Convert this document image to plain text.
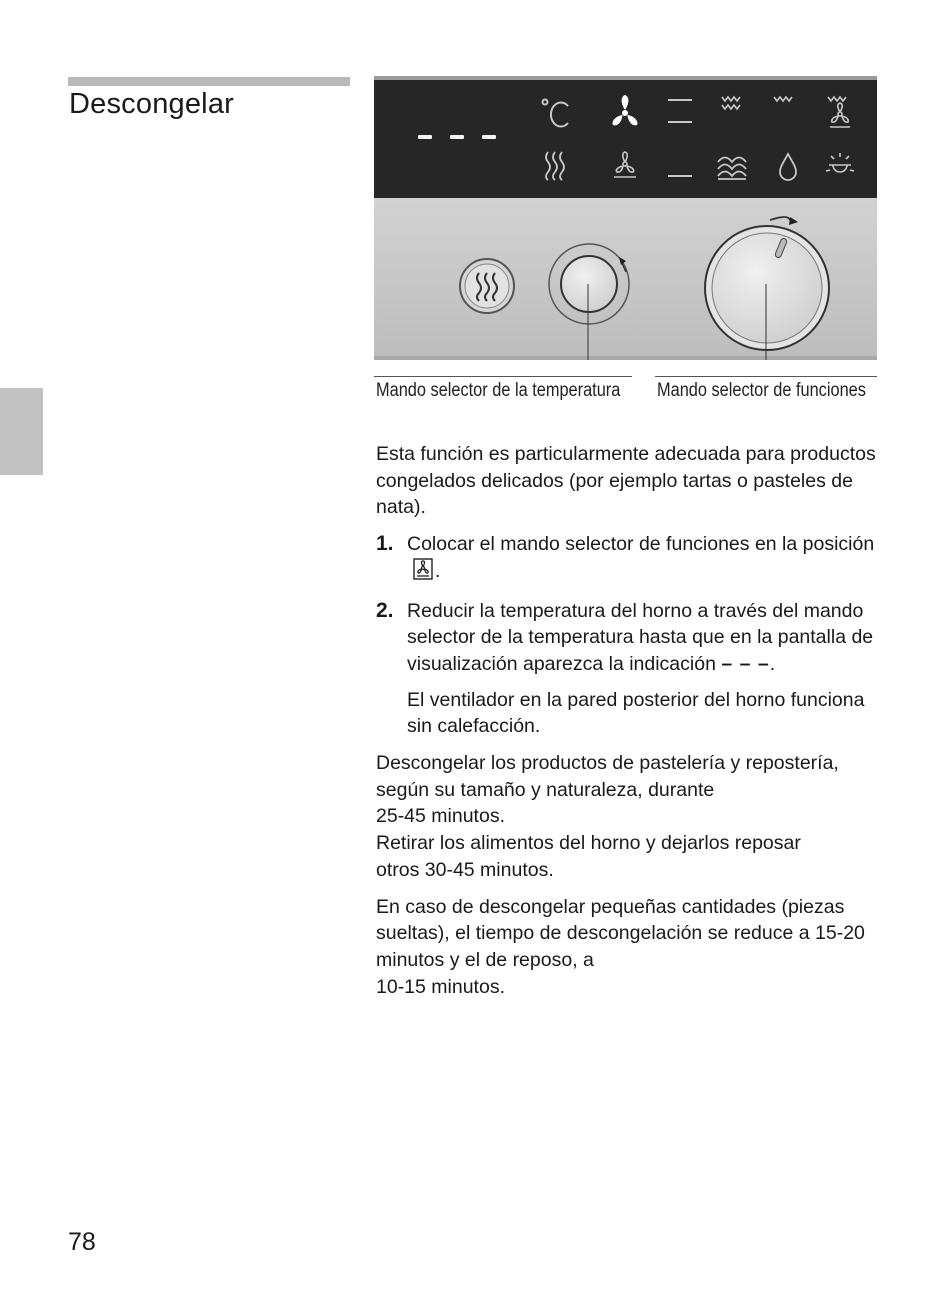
Descongelar
Mando selector de la temperatura Mando selector de funciones

Esta función es particularmente adecuada para productos congelados delicados (por ejemplo tartas o pasteles de nata).

1. Colocar el mando selector de funciones en la posición.
2. Reducir la temperatura del horno a través del mando selector de la temperatura hasta que en la pantalla de visualización aparezca la indicación – – –.

El ventilador en la pared posterior del horno funciona sin calefacción.

Descongelar los productos de pastelería y repostería, según su tamaño y naturaleza, durante
25-45 minutos.
Retirar los alimentos del horno y dejarlos reposar
otros 30-45 minutos.

En caso de descongelar pequeñas cantidades (piezas sueltas), el tiempo de descongelación se reduce a 15-20 minutos y el de reposo, a
10-15 minutos.

78
